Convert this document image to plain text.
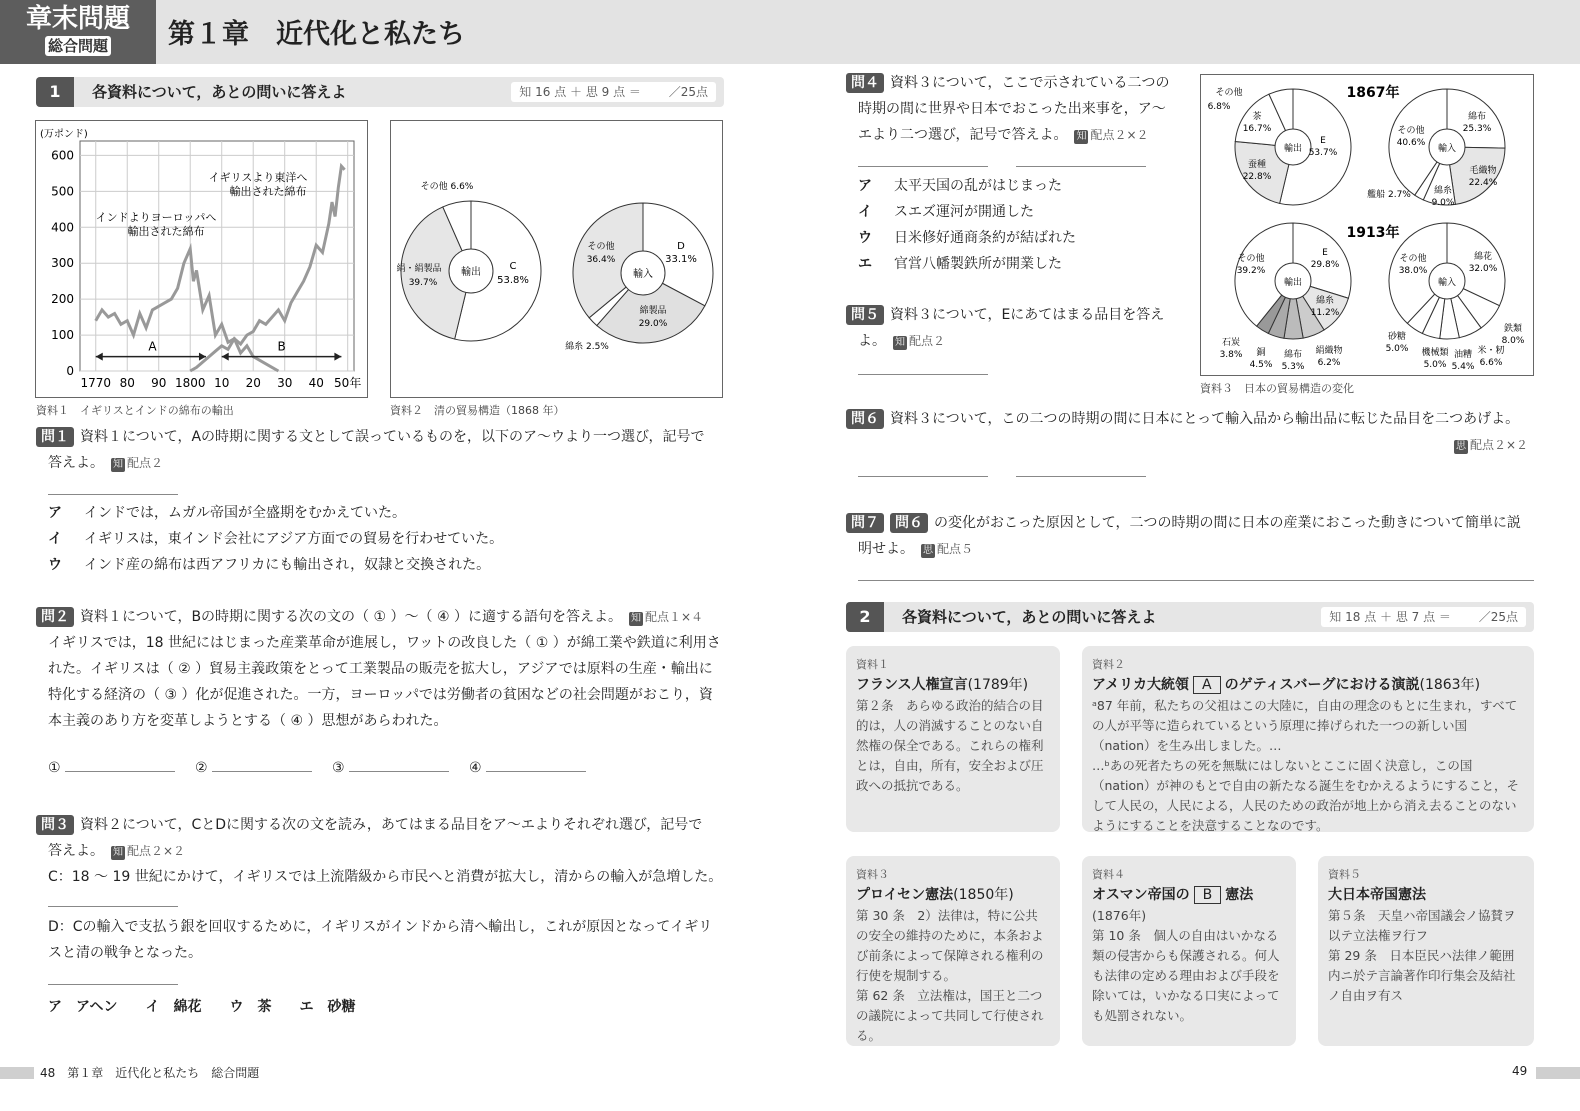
章末問題
総合問題	第１章　近代化と私たち
1	各資料について，あとの問いに答えよ	知 16 点 ＋ 思 9 点 ＝ 　　／25点
0
100
200
300
400
500
600
1770 80 90 1800 10 20 30 40 50年
(万ポンド)
A	B
イギリスより東洋へ
輸出された綿布
インドよりヨーロッパへ
輸出された綿布
資料１　イギリスとインドの綿布の輸出
輸出
C
53.8%
絹・絹製品
39.7%
その他 6.6%
輸入
D
33.1%
綿製品
29.0%
綿糸 2.5%
その他
36.4%
資料２　清の貿易構造（1868 年）
問１ 資料１について，Aの時期に関する文として誤っているものを，以下のア～ウより一つ選び，記号で
答えよ。　 知 配点２
ア インドでは，ムガル帝国が全盛期をむかえていた。
イ イギリスは，東インド会社にアジア方面での貿易を行わせていた。
ウ インド産の綿布は西アフリカにも輸出され，奴隷と交換された。
問２ 資料１について，Bの時期に関する次の文の（ ① ）～（ ④ ）に適する語句を答えよ。　 知 配点１×４
イギリスでは，18 世紀にはじまった産業革命が進展し，ワットの改良した（ ① ）が綿工業や鉄道に利用さ
れた。イギリスは（ ② ）貿易主義政策をとって工業製品の販売を拡大し，アジアでは原料の生産・輸出に
特化する経済の（ ③ ）化が促進された。一方，ヨーロッパでは労働者の貧困などの社会問題がおこり，資
本主義のあり方を変革しようとする（ ④ ）思想があらわれた。
①	②	③	④
問３ 資料２について，CとDに関する次の文を読み，あてはまる品目をア～エよりそれぞれ選び，記号で
答えよ。　 知 配点２×２
C：18 ～ 19 世紀にかけて，イギリスでは上流階級から市民へと消費が拡大し，清からの輸入が急増した。
D：Cの輸入で支払う銀を回収するために，イギリスがインドから清へ輸出し，これが原因となってイギリ
スと清の戦争となった。
ア　アヘン　　イ　綿花　　ウ　茶　　エ　砂糖
問４ 資料３について，ここで示されている二つの
時期の間に世界や日本でおこった出来事を，ア～
エより二つ選び，記号で答えよ。　 知 配点２×２
ア 太平天国の乱がはじまった
イ スエズ運河が開通した
ウ 日米修好通商条約が結ばれた
エ 官営八幡製鉄所が開業した
問５ 資料３について，Eにあてはまる品目を答え
よ。　 知 配点２
1867年
1913年
輸出	輸入
輸出	輸入
E
53.7%
蚕種
22.8%
茶
16.7%
その他
6.8%
綿布
25.3%
毛織物
22.4%
綿糸
9.0%
艦船 2.7%
その他
40.6%
E
29.8%
綿糸
11.2%
絹織物
6.2%
綿布
5.3%
銅
4.5%
石炭
3.8%
その他
39.2%
綿花
32.0%
鉄類
8.0%
米・籾
6.6%
油糟
5.4%
機械類
5.0%
砂糖
5.0%
その他
38.0%
資料３　日本の貿易構造の変化
問６ 資料３について，この二つの時期の間に日本にとって輸入品から輸出品に転じた品目を二つあげよ。
思 配点２×２
問７ 問６ の変化がおこった原因として，二つの時期の間に日本の産業におこった動きについて簡単に説
明せよ。　 思 配点５
2	各資料について，あとの問いに答えよ	知 18 点 ＋ 思 7 点 ＝ 　　／25点
資料１
フランス人権宣言(1789年)
第２条　あらゆる政治的結合の目的は，人の消滅することのない自然権の保全である。これらの権利とは，自由，所有，安全および圧政への抵抗である。
資料２
アメリカ大統領 A のゲティスバーグにおける演説(1863年)
ᵃ87 年前，私たちの父祖はこの大陸に，自由の理念のもとに生まれ，すべての人が平等に造られているという原理に捧げられた一つの新しい国（nation）を生み出しました。…
…ᵇあの死者たちの死を無駄にはしないとここに固く決意し，この国（nation）が神のもとで自由の新たなる誕生をむかえるようにすること，そして人民の，人民による，人民のための政治が地上から消え去ることのないようにすることを決意することなのです。
資料３
プロイセン憲法(1850年)
第 30 条　2）法律は，特に公共の安全の維持のために，本条および前条によって保障される権利の行使を規制する。
第 62 条　立法権は，国王と二つの議院によって共同して行使される。
資料４
オスマン帝国の B 憲法
(1876年)
第 10 条　個人の自由はいかなる類の侵害からも保護される。何人も法律の定める理由および手段を除いては，いかなる口実によっても処罰されない。
資料５
大日本帝国憲法
第５条　天皇ハ帝国議会ノ協賛ヲ以テ立法権ヲ行フ
第 29 条　日本臣民ハ法律ノ範囲内ニ於テ言論著作印行集会及結社ノ自由ヲ有ス
48　 第１章　近代化と私たち　総合問題	49
